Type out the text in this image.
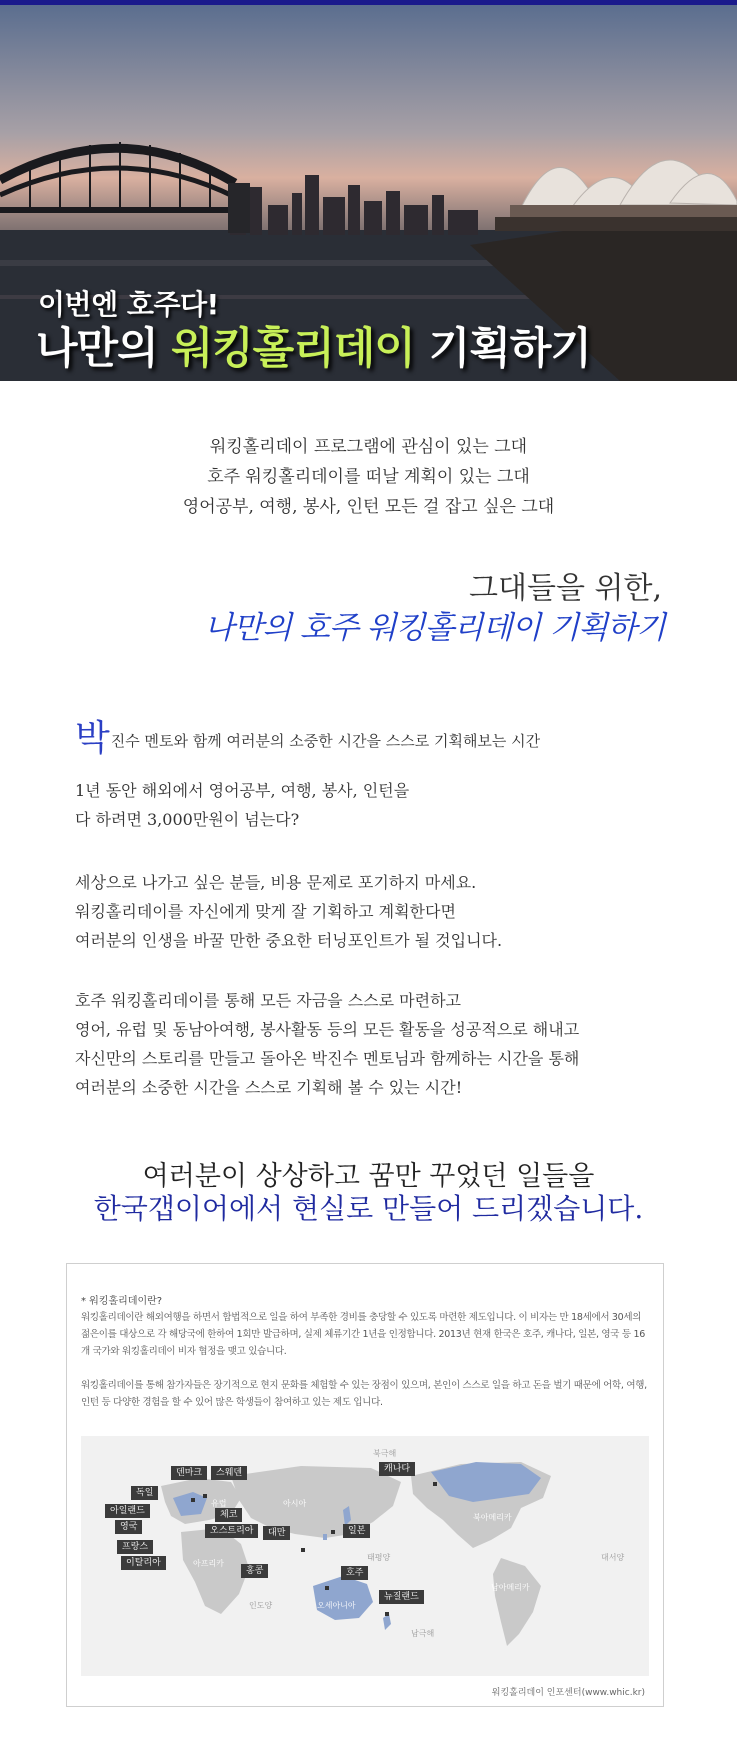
이번엔 호주다!
나만의 워킹홀리데이 기획하기
워킹홀리데이 프로그램에 관심이 있는 그대
호주 워킹홀리데이를 떠날 계획이 있는 그대
영어공부, 여행, 봉사, 인턴 모든 걸 잡고 싶은 그대
그대들을 위한,
나만의 호주 워킹홀리데이 기획하기
박진수 멘토와 함께 여러분의 소중한 시간을 스스로 기획해보는 시간
1년 동안 해외에서 영어공부, 여행, 봉사, 인턴을
다 하려면 3,000만원이 넘는다?
세상으로 나가고 싶은 분들, 비용 문제로 포기하지 마세요.
워킹홀리데이를 자신에게 맞게 잘 기획하고 계획한다면
여러분의 인생을 바꿀 만한 중요한 터닝포인트가 될 것입니다.
호주 워킹홀리데이를 통해 모든 자금을 스스로 마련하고
영어, 유럽 및 동남아여행, 봉사활동 등의 모든 활동을 성공적으로 해내고
자신만의 스토리를 만들고 돌아온 박진수 멘토님과 함께하는 시간을 통해
여러분의 소중한 시간을 스스로 기획해 볼 수 있는 시간!
여러분이 상상하고 꿈만 꾸었던 일들을
한국갭이어에서 현실로 만들어 드리겠습니다.
* 워킹홀리데이란?

워킹홀리데이란 해외여행을 하면서 합법적으로 일을 하여 부족한 경비를 충당할 수 있도록 마련한 제도입니다. 이 비자는 만 18세에서 30세의 젊은이를 대상으로 각 해당국에 한하여 1회만 발급하며, 실제 체류기간 1년을 인정합니다. 2013년 현재 한국은 호주, 캐나다, 일본, 영국 등 16개 국가와 워킹홀리데이 비자 협정을 맺고 있습니다.

워킹홀리데이를 통해 참가자들은 장기적으로 현지 문화를 체험할 수 있는 장점이 있으며, 본인이 스스로 일을 하고 돈을 벌기 때문에 어학, 여행, 인턴 등 다양한 경험을 할 수 있어 많은 학생들이 참여하고 있는 제도 입니다.

북극해
유럽	아시아
북아메리카
아프리카
태평양	대서양
남아메리카
인도양	오세아니아
남극해
덴마크	스웨덴
독일
아일랜드	체코
영국	오스트리아
프랑스
이탈리아
대만	일본
홍콩	호주
뉴질랜드
캐나다
워킹홀리데이 인포센터(www.whic.kr)
